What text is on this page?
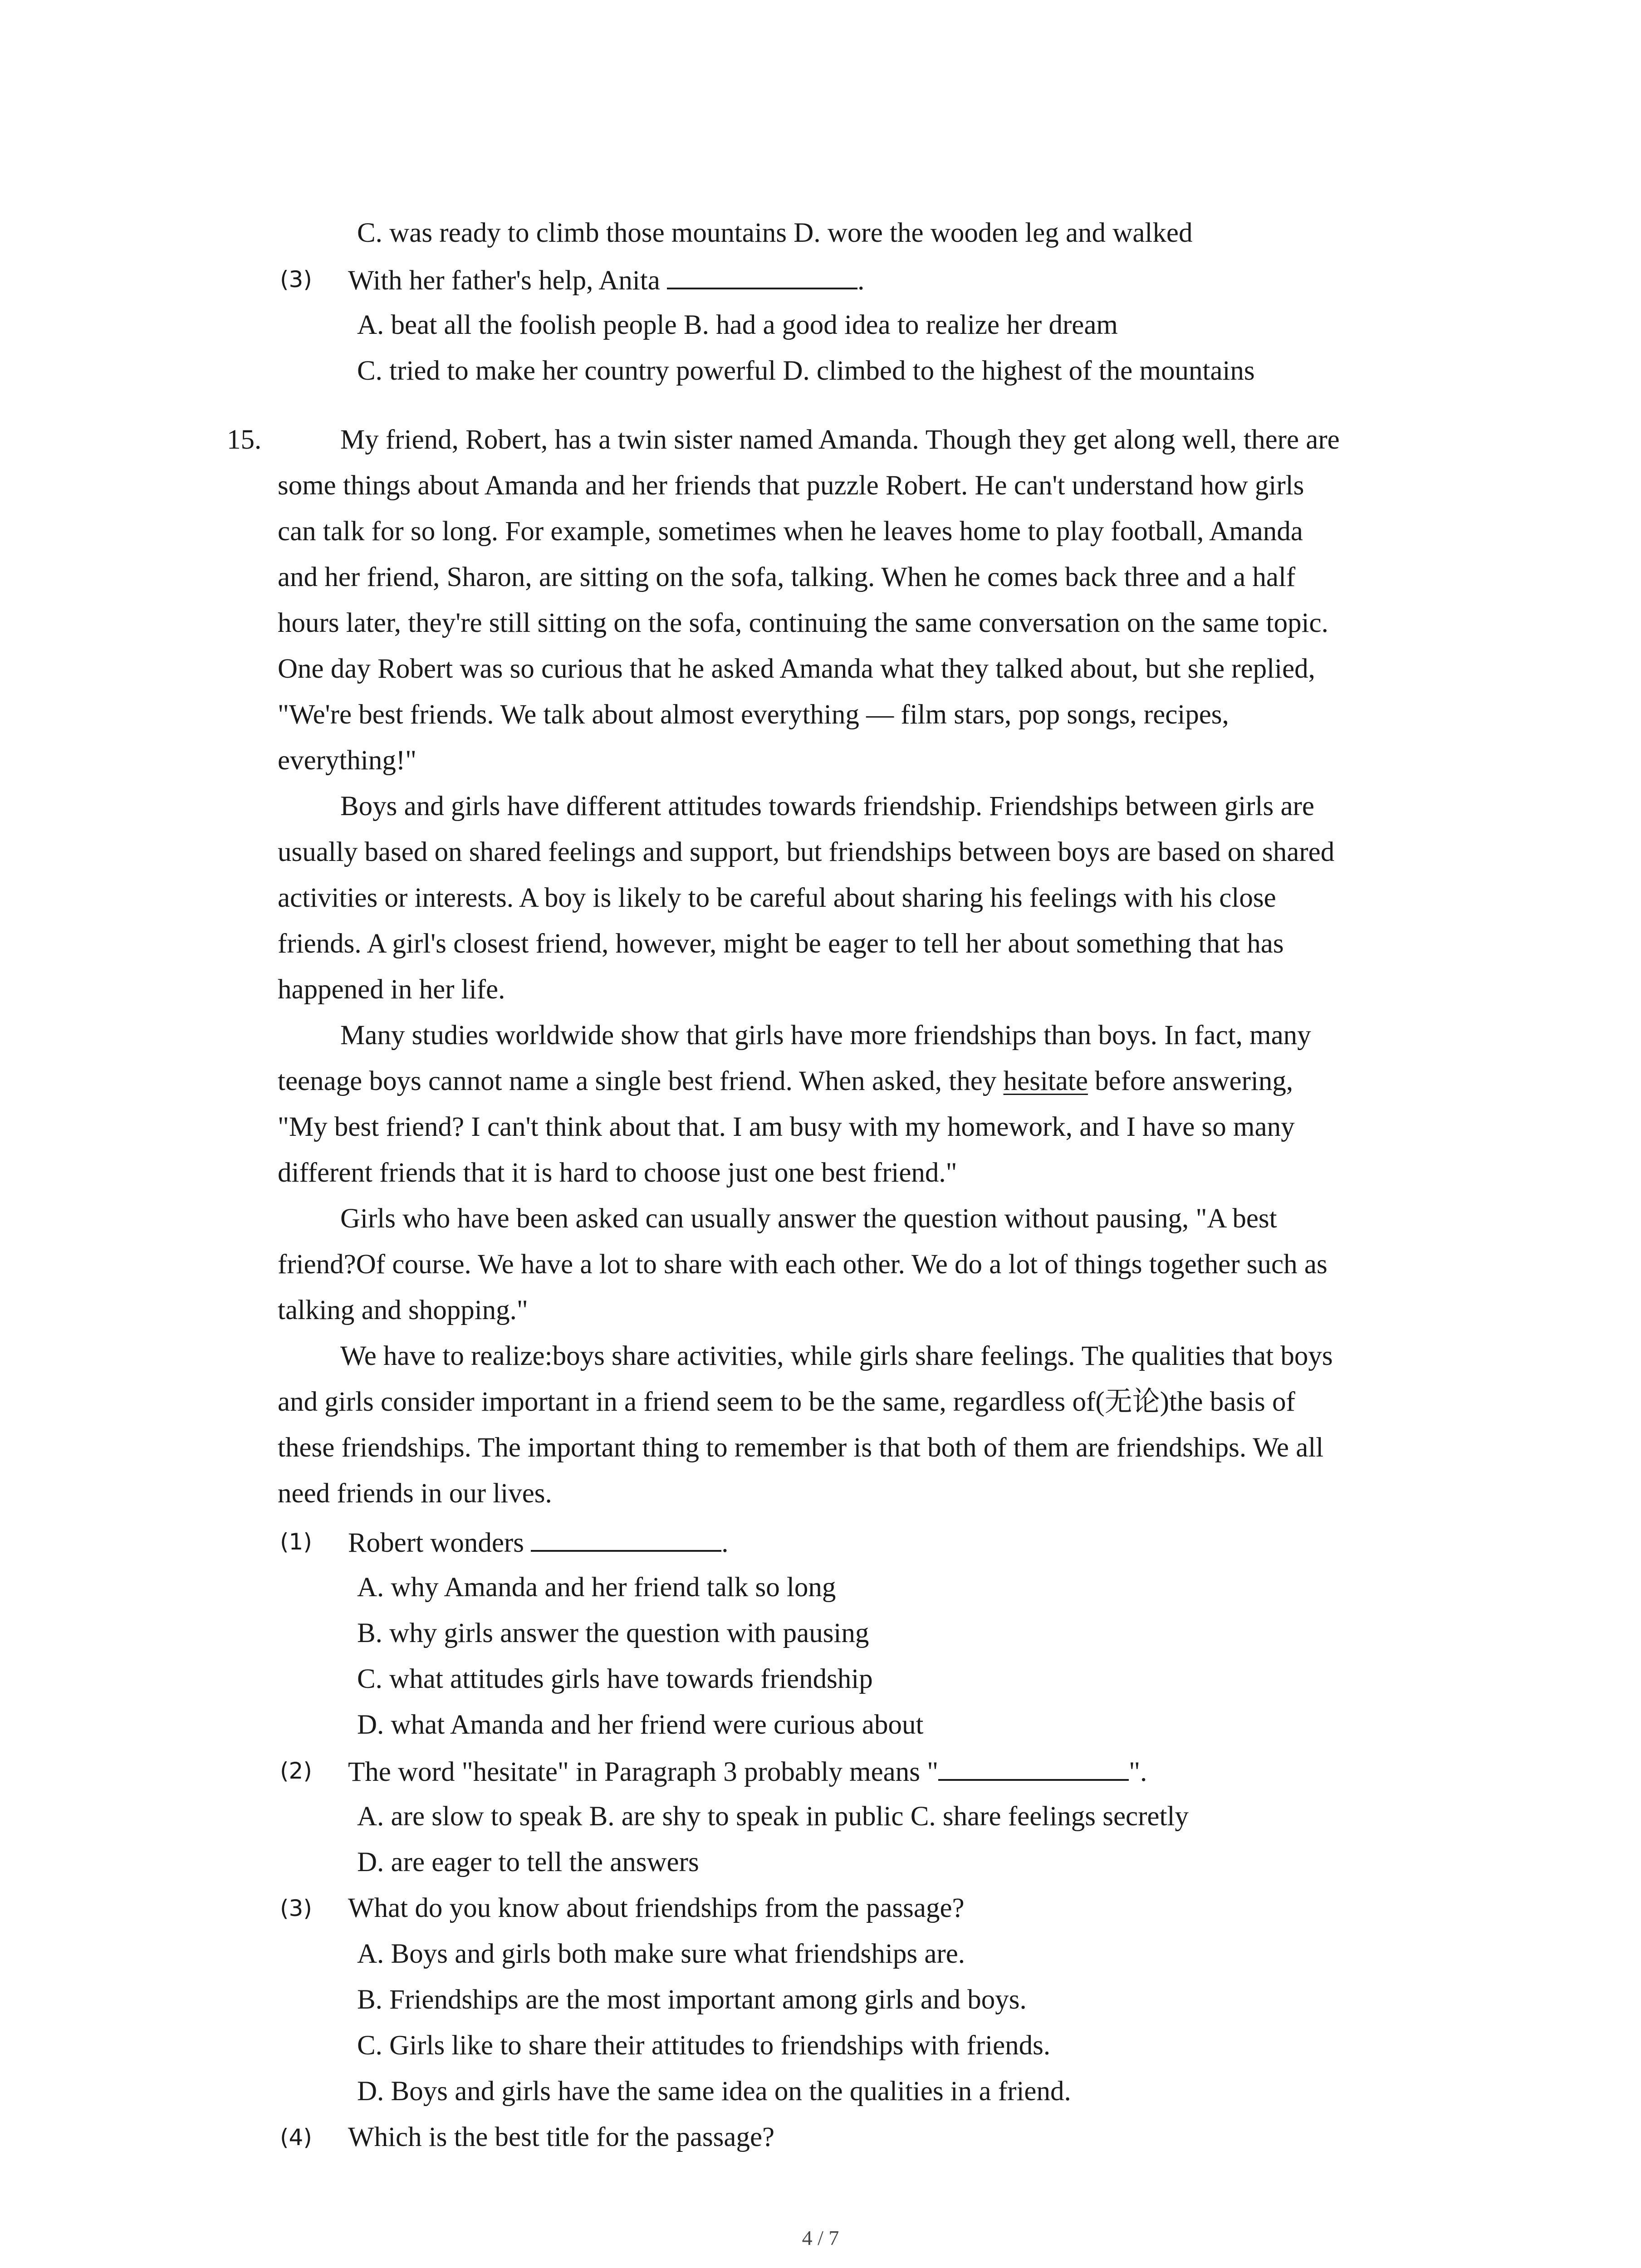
C. was ready to climb those mountains D. wore the wooden leg and walked
(3) With her father's help, Anita	.
A. beat all the foolish people B. had a good idea to realize her dream
C. tried to make her country powerful D. climbed to the highest of the mountains
15.	My friend, Robert, has a twin sister named Amanda. Though they get along well, there are
some things about Amanda and her friends that puzzle Robert. He can't understand how girls
can talk for so long. For example, sometimes when he leaves home to play football, Amanda
and her friend, Sharon, are sitting on the sofa, talking. When he comes back three and a half
hours later, they're still sitting on the sofa, continuing the same conversation on the same topic.
One day Robert was so curious that he asked Amanda what they talked about, but she replied,
"We're best friends. We talk about almost everything — film stars, pop songs, recipes,
everything!"
Boys and girls have different attitudes towards friendship. Friendships between girls are
usually based on shared feelings and support, but friendships between boys are based on shared
activities or interests. A boy is likely to be careful about sharing his feelings with his close
friends. A girl's closest friend, however, might be eager to tell her about something that has
happened in her life.
Many studies worldwide show that girls have more friendships than boys. In fact, many
teenage boys cannot name a single best friend. When asked, they hesitate before answering,
"My best friend? I can't think about that. I am busy with my homework, and I have so many
different friends that it is hard to choose just one best friend."
Girls who have been asked can usually answer the question without pausing, "A best
friend?Of course. We have a lot to share with each other. We do a lot of things together such as
talking and shopping."
We have to realize:boys share activities, while girls share feelings. The qualities that boys
and girls consider important in a friend seem to be the same, regardless of(无论)the basis of
these friendships. The important thing to remember is that both of them are friendships. We all
need friends in our lives.
(1) Robert wonders	.
A. why Amanda and her friend talk so long
B. why girls answer the question with pausing
C. what attitudes girls have towards friendship
D. what Amanda and her friend were curious about
(2) The word "hesitate" in Paragraph 3 probably means "	".
A. are slow to speak B. are shy to speak in public C. share feelings secretly
D. are eager to tell the answers
(3) What do you know about friendships from the passage?
A. Boys and girls both make sure what friendships are.
B. Friendships are the most important among girls and boys.
C. Girls like to share their attitudes to friendships with friends.
D. Boys and girls have the same idea on the qualities in a friend.
(4) Which is the best title for the passage?
4 / 7
